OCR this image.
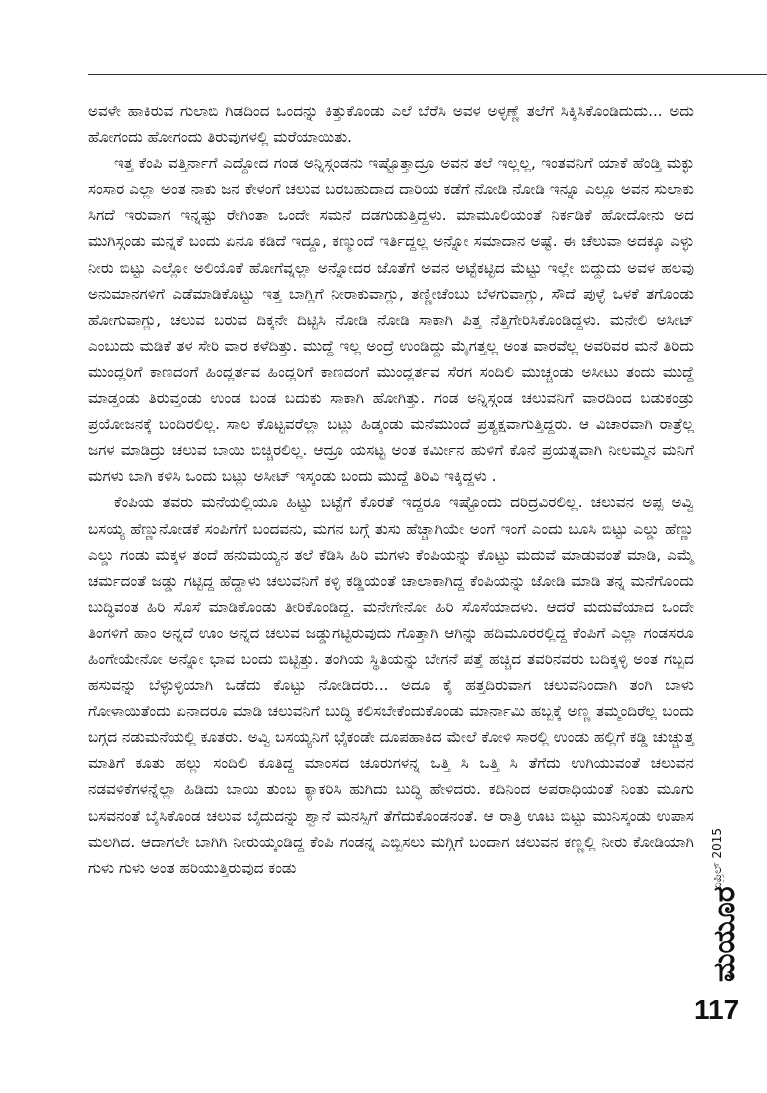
ಅವಳೇ ಹಾಕಿರುವ ಗುಲಾಬಿ ಗಿಡದಿಂದ ಒಂದನ್ನು ಕಿತ್ತುಕೊಂಡು ಎಲೆ ಬೆರೆಸಿ ಅವಳ ಅಳ್ಳಣ್ಣೆ ತಲೆಗೆ ಸಿಕ್ಕಿಸಿಕೊಂಡಿದುದು... ಅದು ಹೋಗಂದು ಹೋಗಂದು ತಿರುವುಗಳಲ್ಲಿ ಮರೆಯಾಯಿತು.

ಇತ್ತ ಕೆಂಪಿ ವತ್ತಿರ್ನಾಗೆ ಎದ್ದೋದ ಗಂಡ ಅನ್ನಿಸ್ಗಂಡನು ಇಷ್ಟೊತ್ತಾದ್ರೂ ಅವನ ತಲೆ ಇಲ್ಲಲ್ಲ, ಇಂತವನಿಗೆ ಯಾಕೆ ಹೆಂಡ್ತಿ ಮಕ್ಳು ಸಂಸಾರ ಎಲ್ಲಾ ಅಂತ ನಾಕು ಜನ ಕೇಳಂಗೆ ಚಲುವ ಬರಬಹುದಾದ ದಾರಿಯ ಕಡೆಗೆ ನೋಡಿ ನೋಡಿ ಇನ್ನೂ ಎಲ್ಲೂ ಅವನ ಸುಲಾಕು ಸಿಗದೆ ಇರುವಾಗ ಇನ್ನಷ್ಟು ರೇಗಿಂತಾ ಒಂದೇ ಸಮನೆ ದಡಗುಡುತ್ತಿದ್ದಳು. ಮಾಮೂಲಿಯಂತೆ ನಿರ್ಕಡಿಕೆ ಹೋದೋನು ಅದ ಮುಗಿಸ್ಗಂಡು ಮನ್ನಕೆ ಬಂದು ಏನೂ ಕಡಿದೆ ಇದ್ದೂ, ಕಣ್ಮುಂದೆ ಇರ್ತಿದ್ದಲ್ಲ ಅನ್ನೋ ಸಮಾದಾನ ಅಷ್ಟೆ. ಈ ಚೆಲುವಾ ಅದಕ್ಕೂ ಎಳ್ಳು ನೀರು ಬಿಟ್ಟು ಎಲ್ಲೋ ಅಲಿಯೊಕೆ ಹೋಗೆವ್ನಲ್ಲಾ ಅನ್ನೋದರ ಜೊತೆಗೆ ಅವನ ಅಟ್ಟೆಕಟ್ಟಿದ ಮೆಟ್ಟು ಇಲ್ಲೇ ಬಿದ್ದುದು ಅವಳ ಹಲವು ಅನುಮಾನಗಳಿಗೆ ಎಡೆಮಾಡಿಕೊಟ್ಟು ಇತ್ತ ಬಾಗ್ಲಿಗೆ ನೀರಾಕುವಾಗ್ಲು, ತಣ್ಣೀಚೆಂಬು ಬೆಳಗುವಾಗ್ಲು, ಸೌದೆ ಪುಳ್ಳೆ ಒಳಕೆ ತಗೊಂಡು ಹೋಗುವಾಗ್ಲು, ಚಲುವ ಬರುವ ದಿಕ್ಕನೇ ದಿಟ್ಟಿಸಿ ನೋಡಿ ನೋಡಿ ಸಾಕಾಗಿ ಪಿತ್ತ ನೆತ್ತಿಗೇರಿಸಿಕೊಂಡಿದ್ದಳು. ಮನೇಲಿ ಅಸೀಟ್ ಎಂಬುದು ಮಡಿಕೆ ತಳ ಸೇರಿ ವಾರ ಕಳೆದಿತ್ತು. ಮುದ್ದೆ ಇಲ್ಲ ಅಂದ್ರೆ ಉಂಡಿದ್ದು ಮೈಗತ್ತಲ್ಲ ಅಂತ ವಾರವೆಲ್ಲ ಅವರಿವರ ಮನೆ ತಿರಿದು ಮುಂದ್ಲರಿಗೆ ಕಾಣದಂಗೆ ಹಿಂದ್ಲರ್ತವ ಹಿಂದ್ಲರಿಗೆ ಕಾಣದಂಗೆ ಮುಂದ್ಲರ್ತವ ಸೆರಗ ಸಂದಿಲಿ ಮುಚ್ಚಂಡು ಅಸೀಟು ತಂದು ಮುದ್ದೆ ಮಾಡ್ತಂಡು ತಿರುವ್ತಂಡು ಉಂಡ ಬಂಡ ಬದುಕು ಸಾಕಾಗಿ ಹೋಗಿತ್ತು. ಗಂಡ ಅನ್ನಿಸ್ಗಂಡ ಚಲುವನಿಗೆ ವಾರದಿಂದ ಬಡುಕಂಡ್ರು ಪ್ರಯೋಜನಕ್ಕೆ ಬಂದಿರಲಿಲ್ಲ. ಸಾಲ ಕೊಟ್ಟವರೆಲ್ಲಾ ಬಟ್ಲು ಹಿಡ್ಕಂಡು ಮನೆಮುಂದೆ ಪ್ರತ್ಯಕ್ಷವಾಗುತ್ತಿದ್ದರು. ಆ ವಿಚಾರವಾಗಿ ರಾತ್ರೆಲ್ಲ ಜಗಳ ಮಾಡಿದ್ರು ಚಲುವ ಬಾಯಿ ಬಿಚ್ಚಿರಲಿಲ್ಲ. ಆದ್ರೂ ಯಸಟ್ಟ ಅಂತ ಕರ್ಮೀನ ಹುಳಿಗೆ ಕೊನೆ ಪ್ರಯತ್ನವಾಗಿ ನೀಲಮ್ಮನ ಮನಿಗೆ ಮಗಳು ಬಾಗಿ ಕಳಿಸಿ ಒಂದು ಬಟ್ಲು ಅಸೀಟ್ ಇಸ್ಕಂಡು ಬಂದು ಮುದ್ದೆ ತಿರಿವಿ ಇಕ್ಕಿದ್ದಳು .

ಕೆಂಪಿಯ ತವರು ಮನೆಯಲ್ಲಿಯೂ ಹಿಟ್ಟು ಬಟ್ಟೆಗೆ ಕೊರತೆ ಇದ್ದರೂ ಇಷ್ಟೊಂದು ದರಿದ್ರವಿರಲಿಲ್ಲ. ಚಲುವನ ಅಪ್ಪ ಅವ್ವಿ ಬಸಯ್ಯ ಹೆಣ್ಣುನೋಡಕೆ ಸಂಪಿಗೆಗೆ ಬಂದವನು, ಮಗನ ಬಗ್ಗೆ ತುಸು ಹೆಚ್ಚಾಗಿಯೇ ಅಂಗೆ ಇಂಗೆ ಎಂದು ಬೂಸಿ ಬಿಟ್ಟು ಎಲ್ಡು ಹೆಣ್ಣು ಎಲ್ಡು ಗಂಡು ಮಕ್ಕಳ ತಂದೆ ಹನುಮಯ್ಯನ ತಲೆ ಕೆಡಿಸಿ ಹಿರಿ ಮಗಳು ಕೆಂಪಿಯನ್ನು ಕೊಟ್ಟು ಮದುವೆ ಮಾಡುವಂತೆ ಮಾಡಿ, ಎಮ್ಮೆ ಚರ್ಮದಂತೆ ಜಡ್ಡು ಗಟ್ಟಿದ್ದ ಹೆದ್ದಾಳು ಚಲುವನಿಗೆ ಕಳ್ಳಿ ಕಡ್ಡಿಯಂತೆ ಚಾಲಾಕಾಗಿದ್ದ ಕೆಂಪಿಯನ್ನು ಜೋಡಿ ಮಾಡಿ ತನ್ನ ಮನೆಗೊಂದು ಬುದ್ಧಿವಂತ ಹಿರಿ ಸೊಸೆ ಮಾಡಿಕೊಂಡು ತೀರಿಕೊಂಡಿದ್ದ. ಮನೇಗೇನೋ ಹಿರಿ ಸೊಸೆಯಾದಳು. ಆದರೆ ಮದುವೆಯಾದ ಒಂದೇ ತಿಂಗಳಿಗೆ ಹಾಂ ಅನ್ನದೆ ಊಂ ಅನ್ನದ ಚಲುವ ಜಡ್ಡುಗಟ್ಟಿರುವುದು ಗೊತ್ತಾಗಿ ಆಗಿನ್ನು ಹದಿಮೂರರಲ್ಲಿದ್ದ ಕೆಂಪಿಗೆ ಎಲ್ಲಾ ಗಂಡಸರೂ ಹಿಂಗೇಯೇನೋ ಅನ್ನೋ ಭಾವ ಬಂದು ಬಿಟ್ಟಿತ್ತು. ತಂಗಿಯ ಸ್ಥಿತಿಯನ್ನು ಬೇಗನೆ ಪತ್ತೆ ಹಚ್ಚಿದ ತವರಿನವರು ಬದಿಕ್ಕಳ್ಳಿ ಅಂತ ಗಬ್ಬದ ಹಸುವನ್ನು ಬೆಳ್ಳುಳ್ಳಿಯಾಗಿ ಒಡೆದು ಕೊಟ್ಟು ನೋಡಿದರು... ಅದೂ ಕೈ ಹತ್ತದಿರುವಾಗ ಚಲುವನಿಂದಾಗಿ ತಂಗಿ ಬಾಳು ಗೋಳಾಯಿತೆಂದು ಏನಾದರೂ ಮಾಡಿ ಚಲುವನಿಗೆ ಬುದ್ಧಿ ಕಲಿಸಬೇಕೆಂದುಕೊಂಡು ಮಾರ್ನಾಮಿ ಹಬ್ಬಕ್ಕೆ ಅಣ್ಣ ತಮ್ಮಂದಿರೆಲ್ಲ ಬಂದು ಬಗ್ಗದ ನಡುಮನೆಯಲ್ಲಿ ಕೂತರು. ಅವ್ವಿ ಬಸಯ್ಯನಿಗೆ ಭೈಕಂಡೇ ದೂಪಹಾಕಿದ ಮೇಲೆ ಕೋಳಿ ಸಾರಲ್ಲಿ ಉಂಡು ಹಲ್ಲಿಗೆ ಕಡ್ಡಿ ಚುಚ್ಚುತ್ತ ಮಾತಿಗೆ ಕೂತು ಹಲ್ಲು ಸಂದಿಲಿ ಕೂತಿದ್ದ ಮಾಂಸದ ಚೂರುಗಳನ್ನ ಒತ್ತಿ ಸಿ ಒತ್ತಿ ಸಿ ತೆಗೆದು ಉಗಿಯುವಂತೆ ಚಲುವನ ನಡವಳಿಕೆಗಳನ್ನೆಲ್ಲಾ ಹಿಡಿದು ಬಾಯಿ ತುಂಬ ಕ್ಯಾಕರಿಸಿ ಹುಗಿದು ಬುದ್ಧಿ ಹೇಳಿದರು. ಕದಿನಿಂದ ಅಪರಾಧಿಯಂತೆ ನಿಂತು ಮೂಗು ಬಸವನಂತೆ ಬೈಸಿಕೊಂಡ ಚಲುವ ಬೈದುದನ್ನು ಶ್ವಾನೆ ಮನಸ್ಸಿಗೆ ತೆಗೆದುಕೊಂಡನಂತೆ. ಆ ರಾತ್ರಿ ಊಟ ಬಿಟ್ಟು ಮುನಿಸ್ಕಂಡು ಉಪಾಸ ಮಲಗಿದ. ಆದಾಗಲೇ ಬಾಗಿಗಿ ನೀರುಯ್ಕಂಡಿದ್ದ ಕೆಂಪಿ ಗಂಡನ್ನ ಎಬ್ಬಿಸಲು ಮಗ್ಗಿಗೆ ಬಂದಾಗ ಚಲುವನ ಕಣ್ಣಲ್ಲಿ ನೀರು ಕೋಡಿಯಾಗಿ ಗುಳು ಗುಳು ಅಂತ ಹರಿಯುತ್ತಿರುವುದ ಕಂಡು	ಏಪ್ರಿಲ್ 2015
ಮಯೂರ
117
